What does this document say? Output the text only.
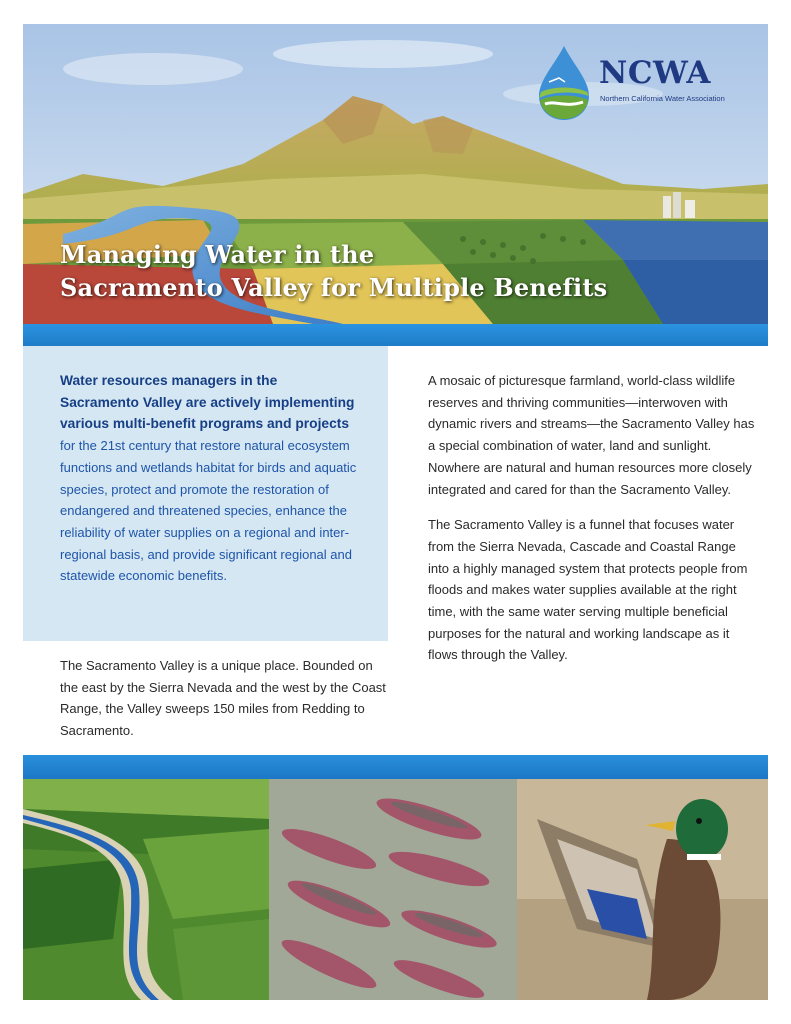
Managing Water in the
Sacramento Valley for Multiple Benefits
NCWA
Northern California Water Association

Water resources managers in the Sacramento Valley are actively implementing various multi-benefit programs and projects for the 21st century that restore natural ecosystem functions and wetlands habitat for birds and aquatic species, protect and promote the restoration of endangered and threatened species, enhance the reliability of water supplies on a regional and inter-regional basis, and provide significant regional and statewide economic benefits.

The Sacramento Valley is a unique place. Bounded on the east by the Sierra Nevada and the west by the Coast Range, the Valley sweeps 150 miles from Redding to Sacramento.

A mosaic of picturesque farmland, world-class wildlife reserves and thriving communities—interwoven with dynamic rivers and streams—the Sacramento Valley has a special combination of water, land and sunlight. Nowhere are natural and human resources more closely integrated and cared for than the Sacramento Valley.

The Sacramento Valley is a funnel that focuses water from the Sierra Nevada, Cascade and Coastal Range into a highly managed system that protects people from floods and makes water supplies available at the right time, with the same water serving multiple beneficial purposes for the natural and working landscape as it flows through the Valley.
